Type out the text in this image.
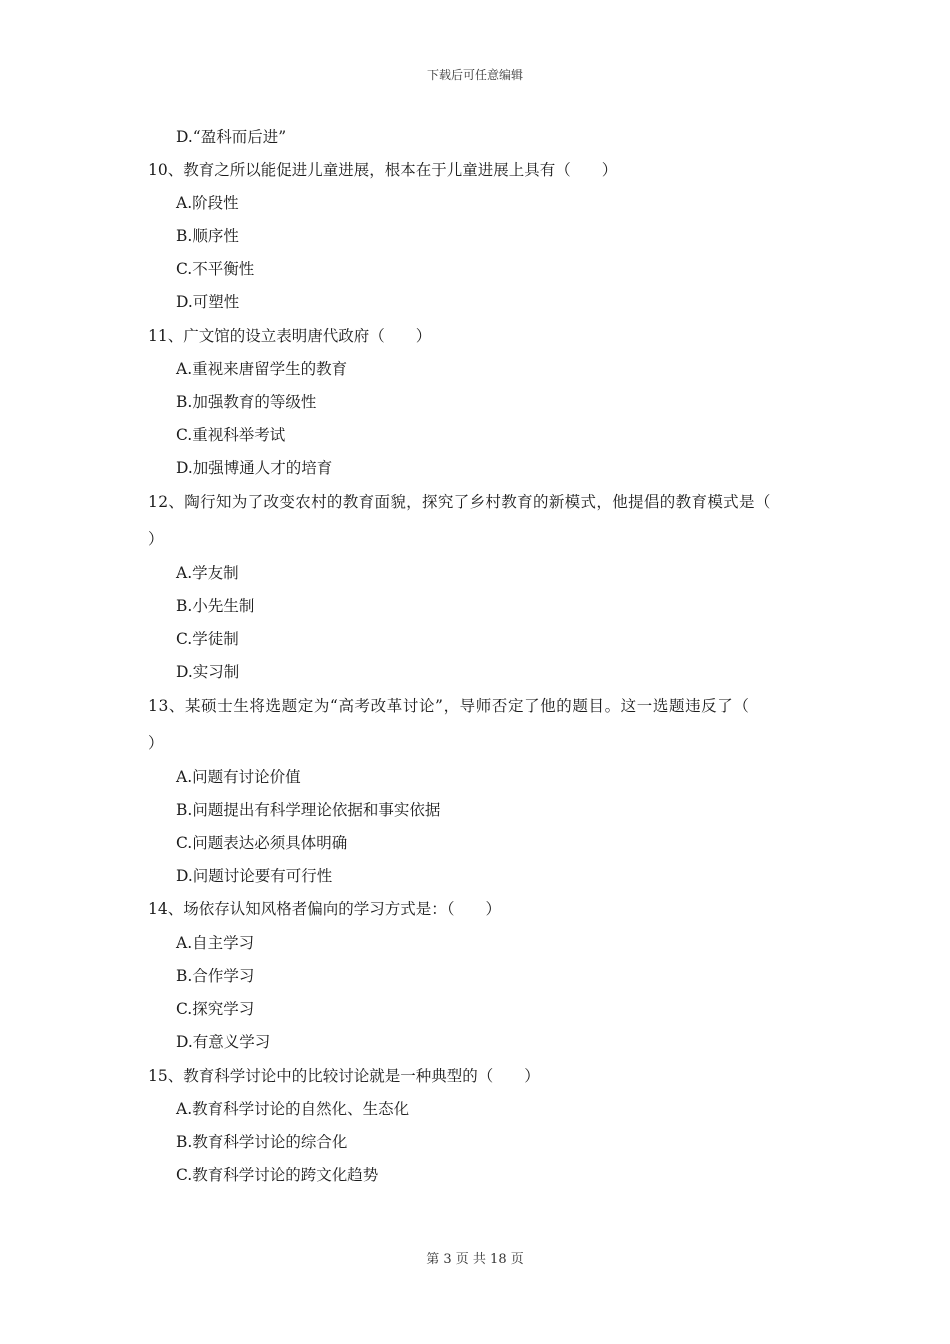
下载后可任意编辑
D.“盈科而后进”
10、教育之所以能促进儿童进展，根本在于儿童进展上具有（　　）
A.阶段性
B.顺序性
C.不平衡性
D.可塑性
11、广文馆的设立表明唐代政府（　　）
A.重视来唐留学生的教育
B.加强教育的等级性
C.重视科举考试
D.加强博通人才的培育
12、陶行知为了改变农村的教育面貌，探究了乡村教育的新模式，他提倡的教育模式是（
）
A.学友制
B.小先生制
C.学徒制
D.实习制
13、某硕士生将选题定为“高考改革讨论”，导师否定了他的题目。这一选题违反了（
）
A.问题有讨论价值
B.问题提出有科学理论依据和事实依据
C.问题表达必须具体明确
D.问题讨论要有可行性
14、场依存认知风格者偏向的学习方式是：（　　）
A.自主学习
B.合作学习
C.探究学习
D.有意义学习
15、教育科学讨论中的比较讨论就是一种典型的（　　）
A.教育科学讨论的自然化、生态化
B.教育科学讨论的综合化
C.教育科学讨论的跨文化趋势
第 3 页 共 18 页
